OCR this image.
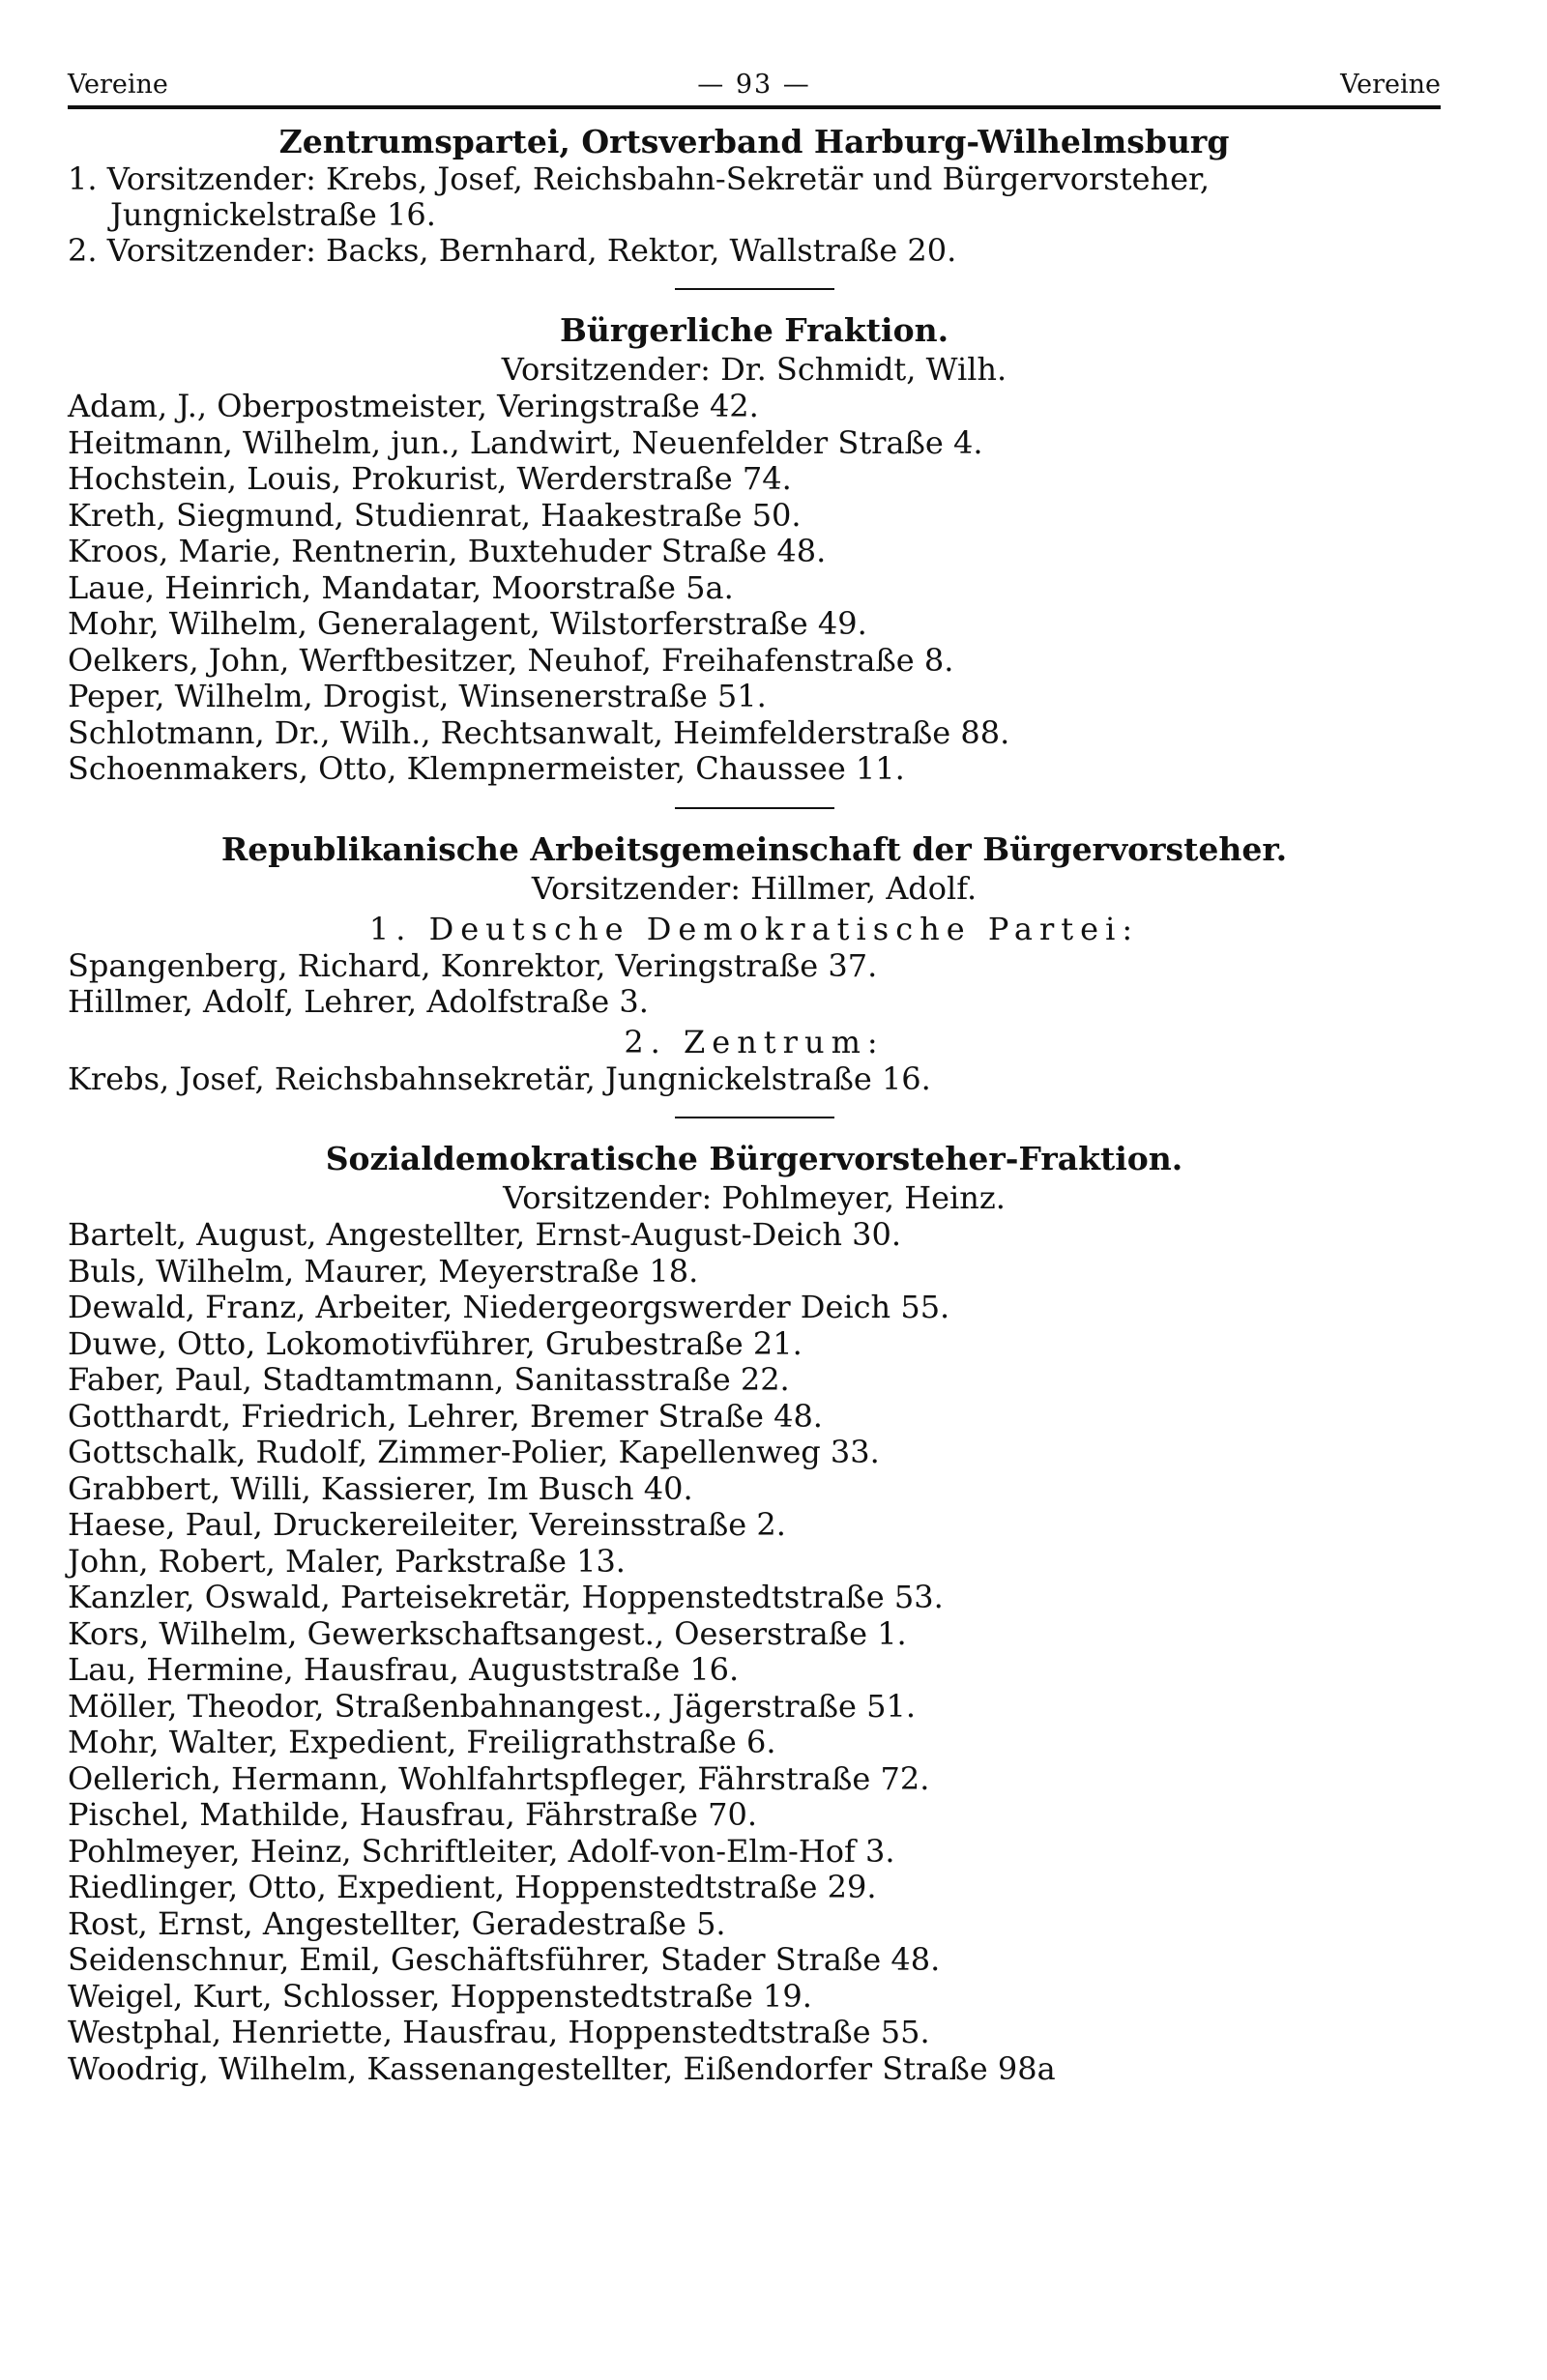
Vereine	— 93 —	Vereine
Zentrumspartei, Ortsverband Harburg-Wilhelmsburg
1. Vorsitzender: Krebs, Josef, Reichsbahn-Sekretär und Bürgervorsteher, Jungnickelstraße 16.
2. Vorsitzender: Backs, Bernhard, Rektor, Wallstraße 20.
Bürgerliche Fraktion.
Vorsitzender: Dr. Schmidt, Wilh.
Adam, J., Oberpostmeister, Veringstraße 42.
Heitmann, Wilhelm, jun., Landwirt, Neuenfelder Straße 4.
Hochstein, Louis, Prokurist, Werderstraße 74.
Kreth, Siegmund, Studienrat, Haakestraße 50.
Kroos, Marie, Rentnerin, Buxtehuder Straße 48.
Laue, Heinrich, Mandatar, Moorstraße 5a.
Mohr, Wilhelm, Generalagent, Wilstorferstraße 49.
Oelkers, John, Werftbesitzer, Neuhof, Freihafenstraße 8.
Peper, Wilhelm, Drogist, Winsenerstraße 51.
Schlotmann, Dr., Wilh., Rechtsanwalt, Heimfelderstraße 88.
Schoenmakers, Otto, Klempnermeister, Chaussee 11.
Republikanische Arbeitsgemeinschaft der Bürgervorsteher.
Vorsitzender: Hillmer, Adolf.
1. Deutsche Demokratische Partei:
Spangenberg, Richard, Konrektor, Veringstraße 37.
Hillmer, Adolf, Lehrer, Adolfstraße 3.
2. Zentrum:
Krebs, Josef, Reichsbahnsekretär, Jungnickelstraße 16.
Sozialdemokratische Bürgervorsteher-Fraktion.
Vorsitzender: Pohlmeyer, Heinz.
Bartelt, August, Angestellter, Ernst-August-Deich 30.
Buls, Wilhelm, Maurer, Meyerstraße 18.
Dewald, Franz, Arbeiter, Niedergeorgswerder Deich 55.
Duwe, Otto, Lokomotivführer, Grubestraße 21.
Faber, Paul, Stadtamtmann, Sanitasstraße 22.
Gotthardt, Friedrich, Lehrer, Bremer Straße 48.
Gottschalk, Rudolf, Zimmer-Polier, Kapellenweg 33.
Grabbert, Willi, Kassierer, Im Busch 40.
Haese, Paul, Druckereileiter, Vereinsstraße 2.
John, Robert, Maler, Parkstraße 13.
Kanzler, Oswald, Parteisekretär, Hoppenstedtstraße 53.
Kors, Wilhelm, Gewerkschaftsangest., Oeserstraße 1.
Lau, Hermine, Hausfrau, Auguststraße 16.
Möller, Theodor, Straßenbahnangest., Jägerstraße 51.
Mohr, Walter, Expedient, Freiligrathstraße 6.
Oellerich, Hermann, Wohlfahrtspfleger, Fährstraße 72.
Pischel, Mathilde, Hausfrau, Fährstraße 70.
Pohlmeyer, Heinz, Schriftleiter, Adolf-von-Elm-Hof 3.
Riedlinger, Otto, Expedient, Hoppenstedtstraße 29.
Rost, Ernst, Angestellter, Geradestraße 5.
Seidenschnur, Emil, Geschäftsführer, Stader Straße 48.
Weigel, Kurt, Schlosser, Hoppenstedtstraße 19.
Westphal, Henriette, Hausfrau, Hoppenstedtstraße 55.
Woodrig, Wilhelm, Kassenangestellter, Eißendorfer Straße 98a
